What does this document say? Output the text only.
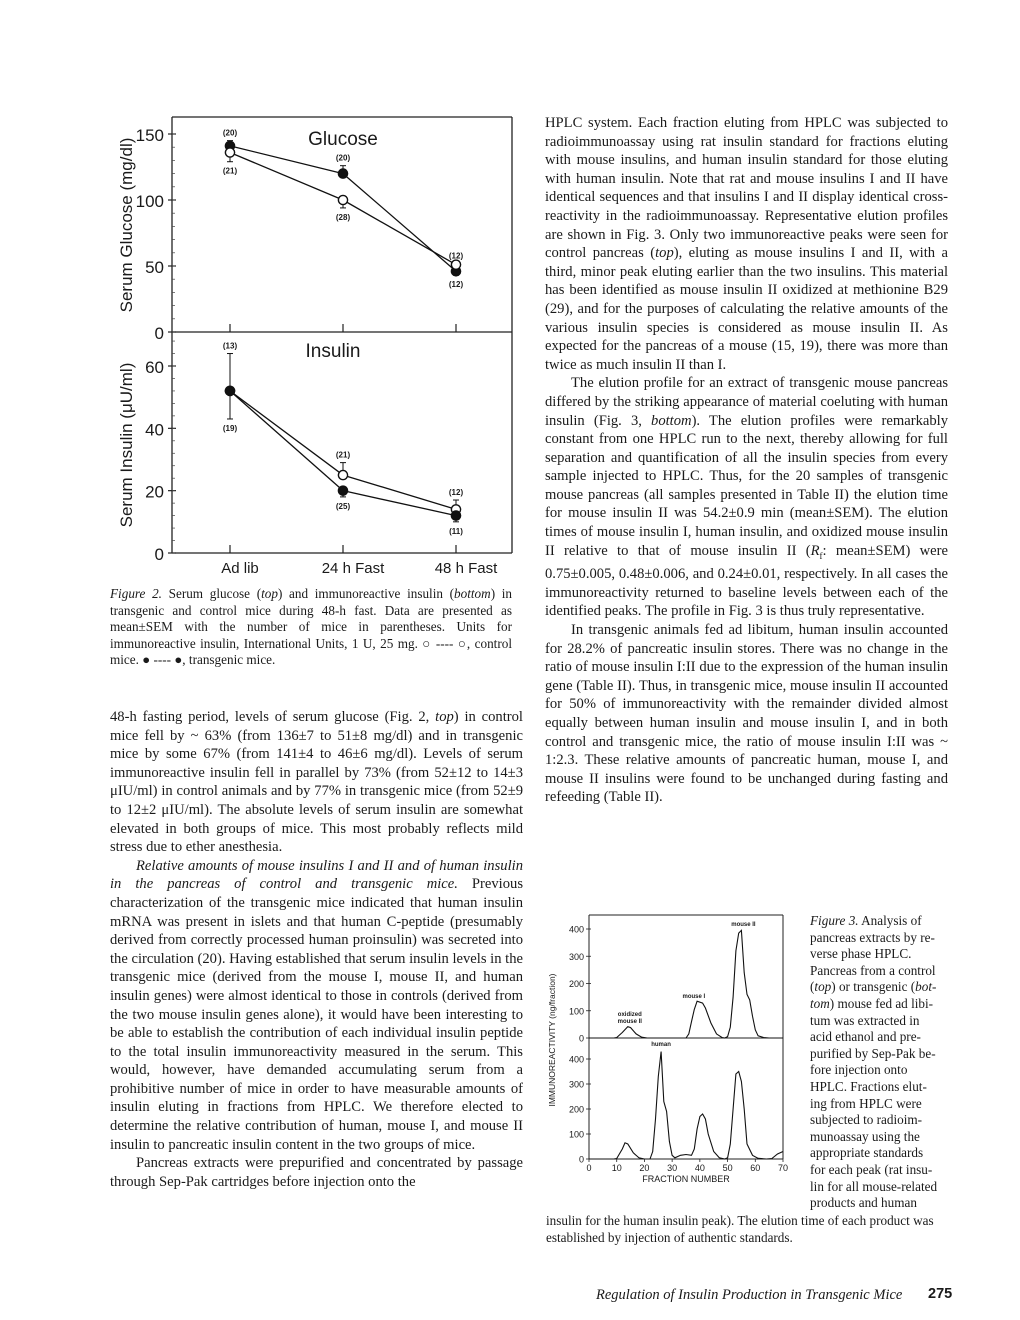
0
50
100
150	(20)
(20)
(12)
(21)
(28)
(12)
0
20
40
60
(13)
(21)
(12)
(19)
(25)
(11)
Glucose
Insulin
Serum Glucose (mg/dl)
Serum Insulin (μU/ml)
Ad lib	24 h Fast	48 h Fast

Figure 2. Serum glucose (top) and immunoreactive insulin (bottom) in transgenic and control mice during 48-h fast. Data are presented as mean±SEM with the number of mice in parentheses. Units for immunoreactive insulin, International Units, 1 U, 25 mg. ○ ---- ○, control mice. ● ---- ●, transgenic mice.

48-h fasting period, levels of serum glucose (Fig. 2, top) in control mice fell by ~ 63% (from 136±7 to 51±8 mg/dl) and in transgenic mice by some 67% (from 141±4 to 46±6 mg/dl). Levels of serum immunoreactive insulin fell in parallel by 73% (from 52±12 to 14±3 μIU/ml) in control animals and by 77% in transgenic mice (from 52±9 to 12±2 μIU/ml). The absolute levels of serum insulin are somewhat elevated in both groups of mice. This most probably reflects mild stress due to ether anesthesia.

Relative amounts of mouse insulins I and II and of human insulin in the pancreas of control and transgenic mice. Previous characterization of the transgenic mice indicated that human insulin mRNA was present in islets and that human C-peptide (presumably derived from correctly processed human proinsulin) was secreted into the circulation (20). Having established that serum insulin levels in the transgenic mice (derived from the mouse I, mouse II, and human insulin genes) were almost identical to those in controls (derived from the two mouse insulin genes alone), it would have been interesting to be able to establish the contribution of each individual insulin peptide to the total insulin immunoreactivity measured in the serum. This would, however, have demanded accumulating serum from a prohibitive number of mice in order to have measurable amounts of insulin eluting in fractions from HPLC. We therefore elected to determine the relative contribution of human, mouse I, and mouse II insulin to pancreatic insulin content in the two groups of mice.

Pancreas extracts were prepurified and concentrated by passage through Sep-Pak cartridges before injection onto the

HPLC system. Each fraction eluting from HPLC was subjected to radioimmunoassay using rat insulin standard for fractions eluting with mouse insulins, and human insulin standard for those eluting with human insulin. Note that rat and mouse insulins I and II have identical sequences and that insulins I and II display identical cross-reactivity in the radioimmunoassay. Representative elution profiles are shown in Fig. 3. Only two immunoreactive peaks were seen for control pancreas (top), eluting as mouse insulins I and II, with a third, minor peak eluting earlier than the two insulins. This material has been identified as mouse insulin II oxidized at methionine B29 (29), and for the purposes of calculating the relative amounts of the various insulin species is considered as mouse insulin II. As expected for the pancreas of a mouse (15, 19), there was more than twice as much insulin II than I.

The elution profile for an extract of transgenic mouse pancreas differed by the striking appearance of material coeluting with human insulin (Fig. 3, bottom). The elution profiles were remarkably constant from one HPLC run to the next, thereby allowing for full separation and quantification of all the insulin species from every sample injected to HPLC. Thus, for the 20 samples of transgenic mouse pancreas (all samples presented in Table II) the elution time for mouse insulin II was 54.2±0.9 min (mean±SEM). The elution times of mouse insulin I, human insulin, and oxidized mouse insulin II relative to that of mouse insulin II ($R_f$: mean±SEM) were 0.75±0.005, 0.48±0.006, and 0.24±0.01, respectively. In all cases the immunoreactivity returned to baseline levels between each of the identified peaks. The profile in Fig. 3 is thus truly representative.

In transgenic animals fed ad libitum, human insulin accounted for 28.2% of pancreatic insulin stores. There was no change in the ratio of mouse insulin I:II due to the expression of the human insulin gene (Table II). Thus, in transgenic mice, mouse insulin II accounted for 50% of immunoreactivity with the remainder divided almost equally between human insulin and mouse insulin I, and in both control and transgenic mice, the ratio of mouse insulin I:II was ~ 1:2.3. These relative amounts of pancreatic human, mouse I, and mouse II insulins were found to be unchanged during fasting and refeeding (Table II).

0
100
200
300
400
oxidized
mouse II
mouse I
mouse II
0
100
200
300
400
human
IMMUNOREACTIVITY (ng/fraction)
0 10 20 30 40 50 60 70
FRACTION NUMBER
Figure 3. Analysis of
pancreas extracts by re-
verse phase HPLC.
Pancreas from a control
(top) or transgenic (bot-
tom) mouse fed ad libi-
tum was extracted in
acid ethanol and pre-
purified by Sep-Pak be-
fore injection onto
HPLC. Fractions elut-
ing from HPLC were
subjected to radioim-
munoassay using the
appropriate standards
for each peak (rat insu-
lin for all mouse-related
products and human

insulin for the human insulin peak). The elution time of each product was established by injection of authentic standards.

Regulation of Insulin Production in Transgenic Mice 275
